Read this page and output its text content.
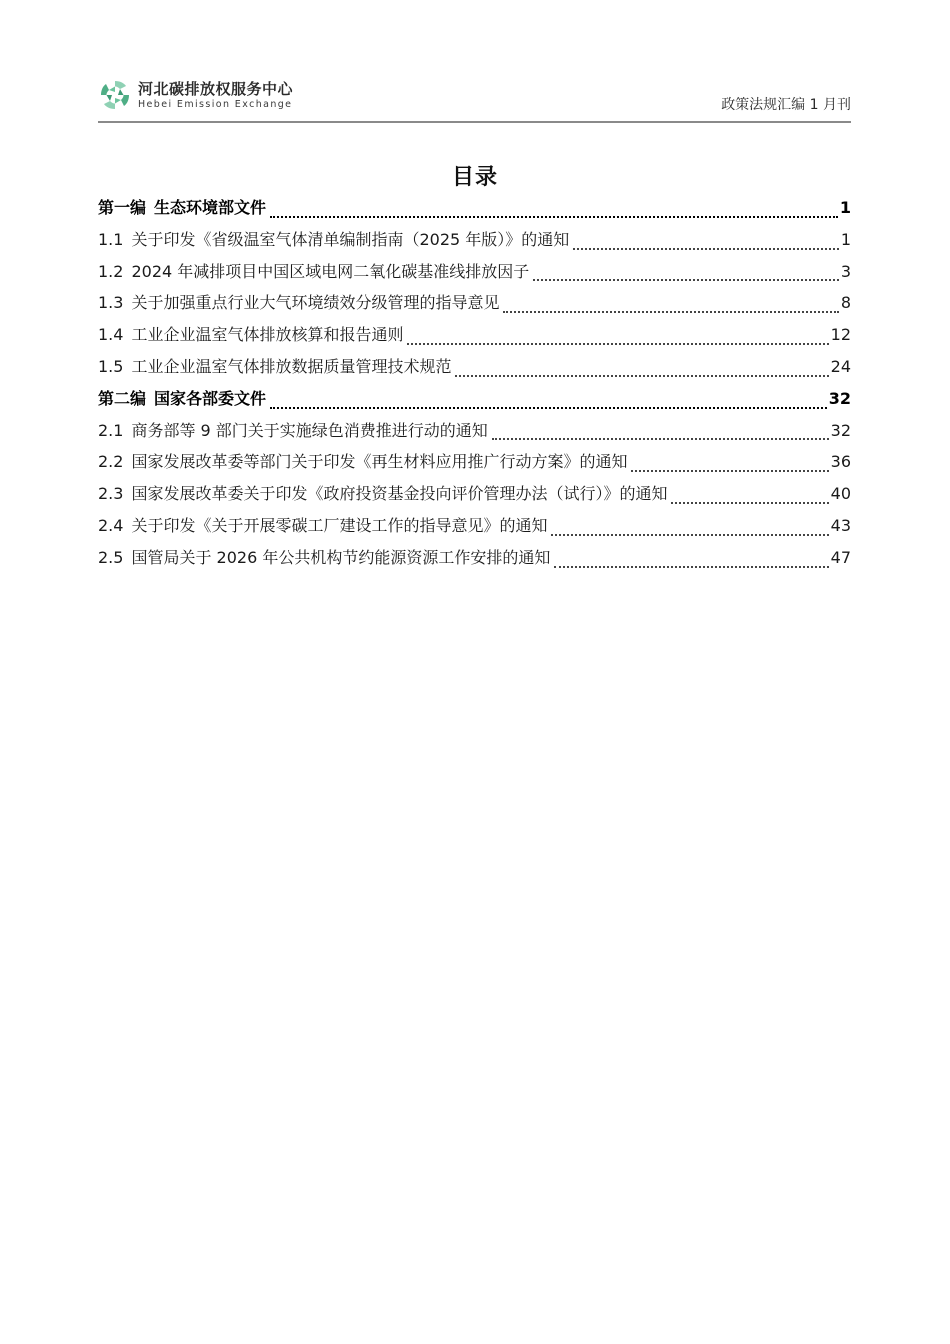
河北碳排放权服务中心
Hebei Emission Exchange	政策法规汇编 1 月刊
目录
第一编 生态环境部文件	1
1.1 关于印发《省级温室气体清单编制指南（2025 年版）》的通知	1
1.2 2024 年减排项目中国区域电网二氧化碳基准线排放因子	3
1.3 关于加强重点行业大气环境绩效分级管理的指导意见	8
1.4 工业企业温室气体排放核算和报告通则	12
1.5 工业企业温室气体排放数据质量管理技术规范	24
第二编 国家各部委文件	32
2.1 商务部等 9 部门关于实施绿色消费推进行动的通知	32
2.2 国家发展改革委等部门关于印发《再生材料应用推广行动方案》的通知	36
2.3 国家发展改革委关于印发《政府投资基金投向评价管理办法（试行）》的通知	40
2.4 关于印发《关于开展零碳工厂建设工作的指导意见》的通知	43
2.5 国管局关于 2026 年公共机构节约能源资源工作安排的通知	47
